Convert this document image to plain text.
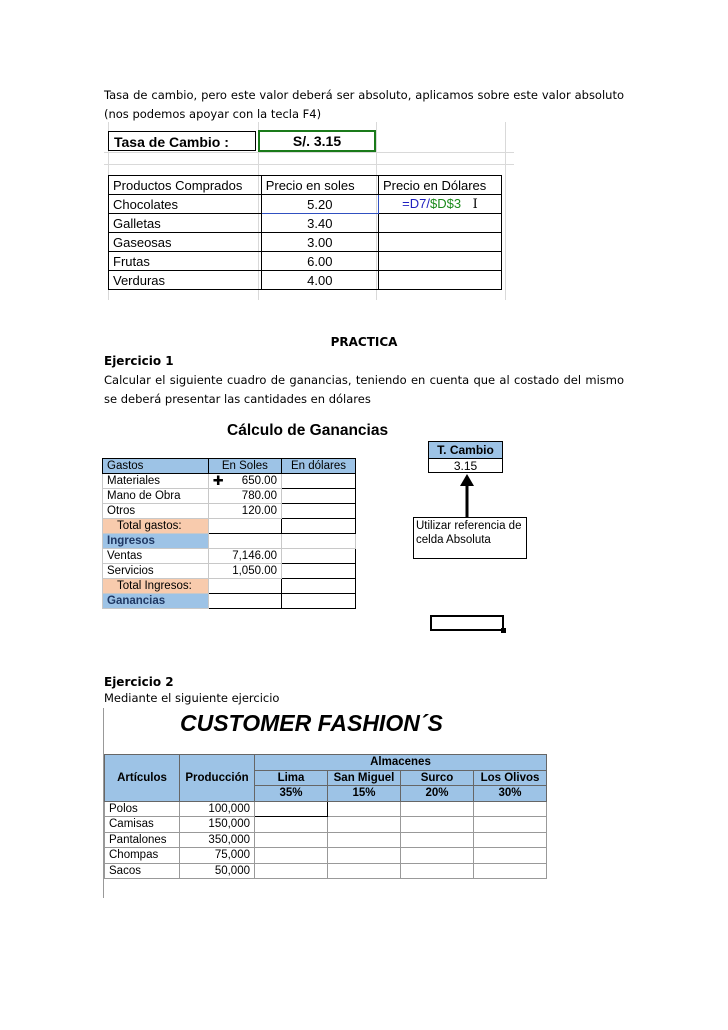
Tasa de cambio, pero este valor deberá ser absoluto, aplicamos sobre este valor absoluto (nos podemos apoyar con la tecla F4)
Tasa de Cambio :	S/. 3.15
Productos Comprados	Precio en soles	Precio en Dólares
Chocolates	5.20	=D7/$D$3 I
Galletas	3.40	
Gaseosas	3.00	
Frutas	6.00	
Verduras	4.00	
PRACTICA
Ejercicio 1
Calcular el siguiente cuadro de ganancias, teniendo en cuenta que al costado del mismo se deberá presentar las cantidades en dólares
Cálculo de Ganancias
Gastos	En Soles	En dólares
Materiales	✚ 650.00	
Mano de Obra	780.00	
Otros	120.00	
Total gastos:		
Ingresos		
Ventas	7,146.00	
Servicios	1,050.00	
Total Ingresos:		
Ganancias		
T. Cambio
3.15
Utilizar referencia de celda Absoluta
Ejercicio 2
Mediante el siguiente ejercicio
CUSTOMER FASHION´S
Artículos	Producción	Almacenes			
		Lima	San Miguel	Surco	Los Olivos
		35%	15%	20%	30%
Polos	100,000				
Camisas	150,000				
Pantalones	350,000				
Chompas	75,000				
Sacos	50,000				
